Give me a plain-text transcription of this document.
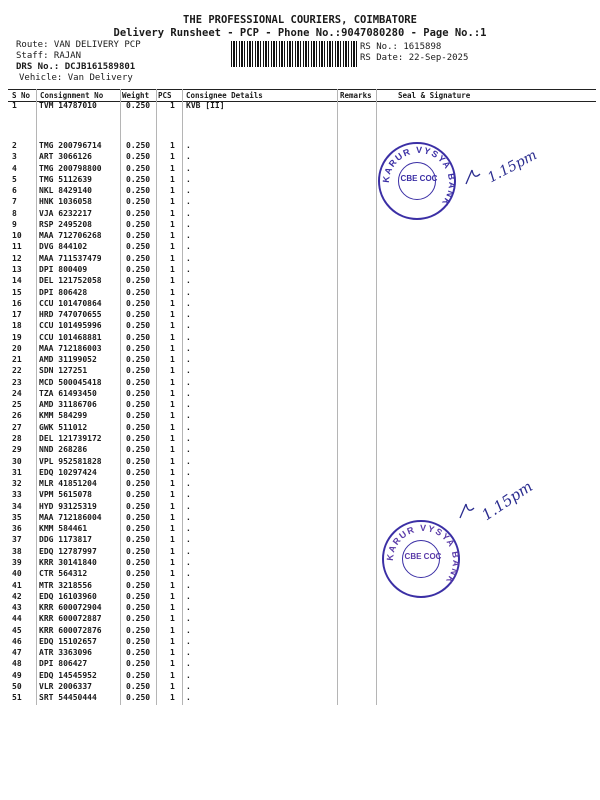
THE PROFESSIONAL COURIERS, COIMBATORE
Delivery Runsheet - PCP - Phone No.:9047080280 - Page No.:1
Route: VAN DELIVERY PCP
Staff: RAJAN
DRS No.: DCJB161589801
Vehicle: Van Delivery
RS No.: 1615898
RS Date: 22-Sep-2025
S No Consignment No	Weight PCS Consignee Details	Remarks	Seal & Signature
1	TVM 14787010	0.250 1 KVB [II]
2	TMG 200796714	0.250 1 .
3	ART 3066126	0.250 1 .
4	TMG 200798800	0.250 1 .
5	TMG 5112639	0.250 1 .
6	NKL 8429140	0.250 1 .
7	HNK 1036058	0.250 1 .
8	VJA 6232217	0.250 1 .
9	RSP 2495208	0.250 1 .
10 MAA 712706268	0.250 1 .
11 DVG 844102	0.250 1 .
12 MAA 711537479	0.250 1 .
13 DPI 800409	0.250 1 .
14 DEL 121752058	0.250 1 .
15 DPI 806428	0.250 1 .
16 CCU 101470864	0.250 1 .
17 HRD 747070655	0.250 1 .
18 CCU 101495996	0.250 1 .
19 CCU 101468881	0.250 1 .
20 MAA 712186003	0.250 1 .
21 AMD 31199052	0.250 1 .
22 SDN 127251	0.250 1 .
23 MCD 500045418	0.250 1 .
24 TZA 61493450	0.250 1 .
25 AMD 31186706	0.250 1 .
26 KMM 584299	0.250 1 .
27 GWK 511012	0.250 1 .
28 DEL 121739172	0.250 1 .
29 NND 268286	0.250 1 .
30 VPL 952581828	0.250 1 .
31 EDQ 10297424	0.250 1 .
32 MLR 41851204	0.250 1 .
33 VPM 5615078	0.250 1 .
34 HYD 93125319	0.250 1 .
35 MAA 712186004	0.250 1 .
36 KMM 584461	0.250 1 .
37 DDG 1173817	0.250 1 .
38 EDQ 12787997	0.250 1 .
39 KRR 30141840	0.250 1 .
40 CTR 564312	0.250 1 .
41 MTR 3218556	0.250 1 .
42 EDQ 16103960	0.250 1 .
43 KRR 600072904	0.250 1 .
44 KRR 600072887	0.250 1 .
45 KRR 600072876	0.250 1 .
46 EDQ 15102657	0.250 1 .
47 ATR 3363096	0.250 1 .
48 DPI 806427	0.250 1 .
49 EDQ 14545952	0.250 1 .
50 VLR 2006337	0.250 1 .
51 SRT 54450444	0.250 1 .
KARUR VYSYA BANK
CBE COC	1.15pm
KARUR VYSYA BANK
CBE COC
1.15pm
